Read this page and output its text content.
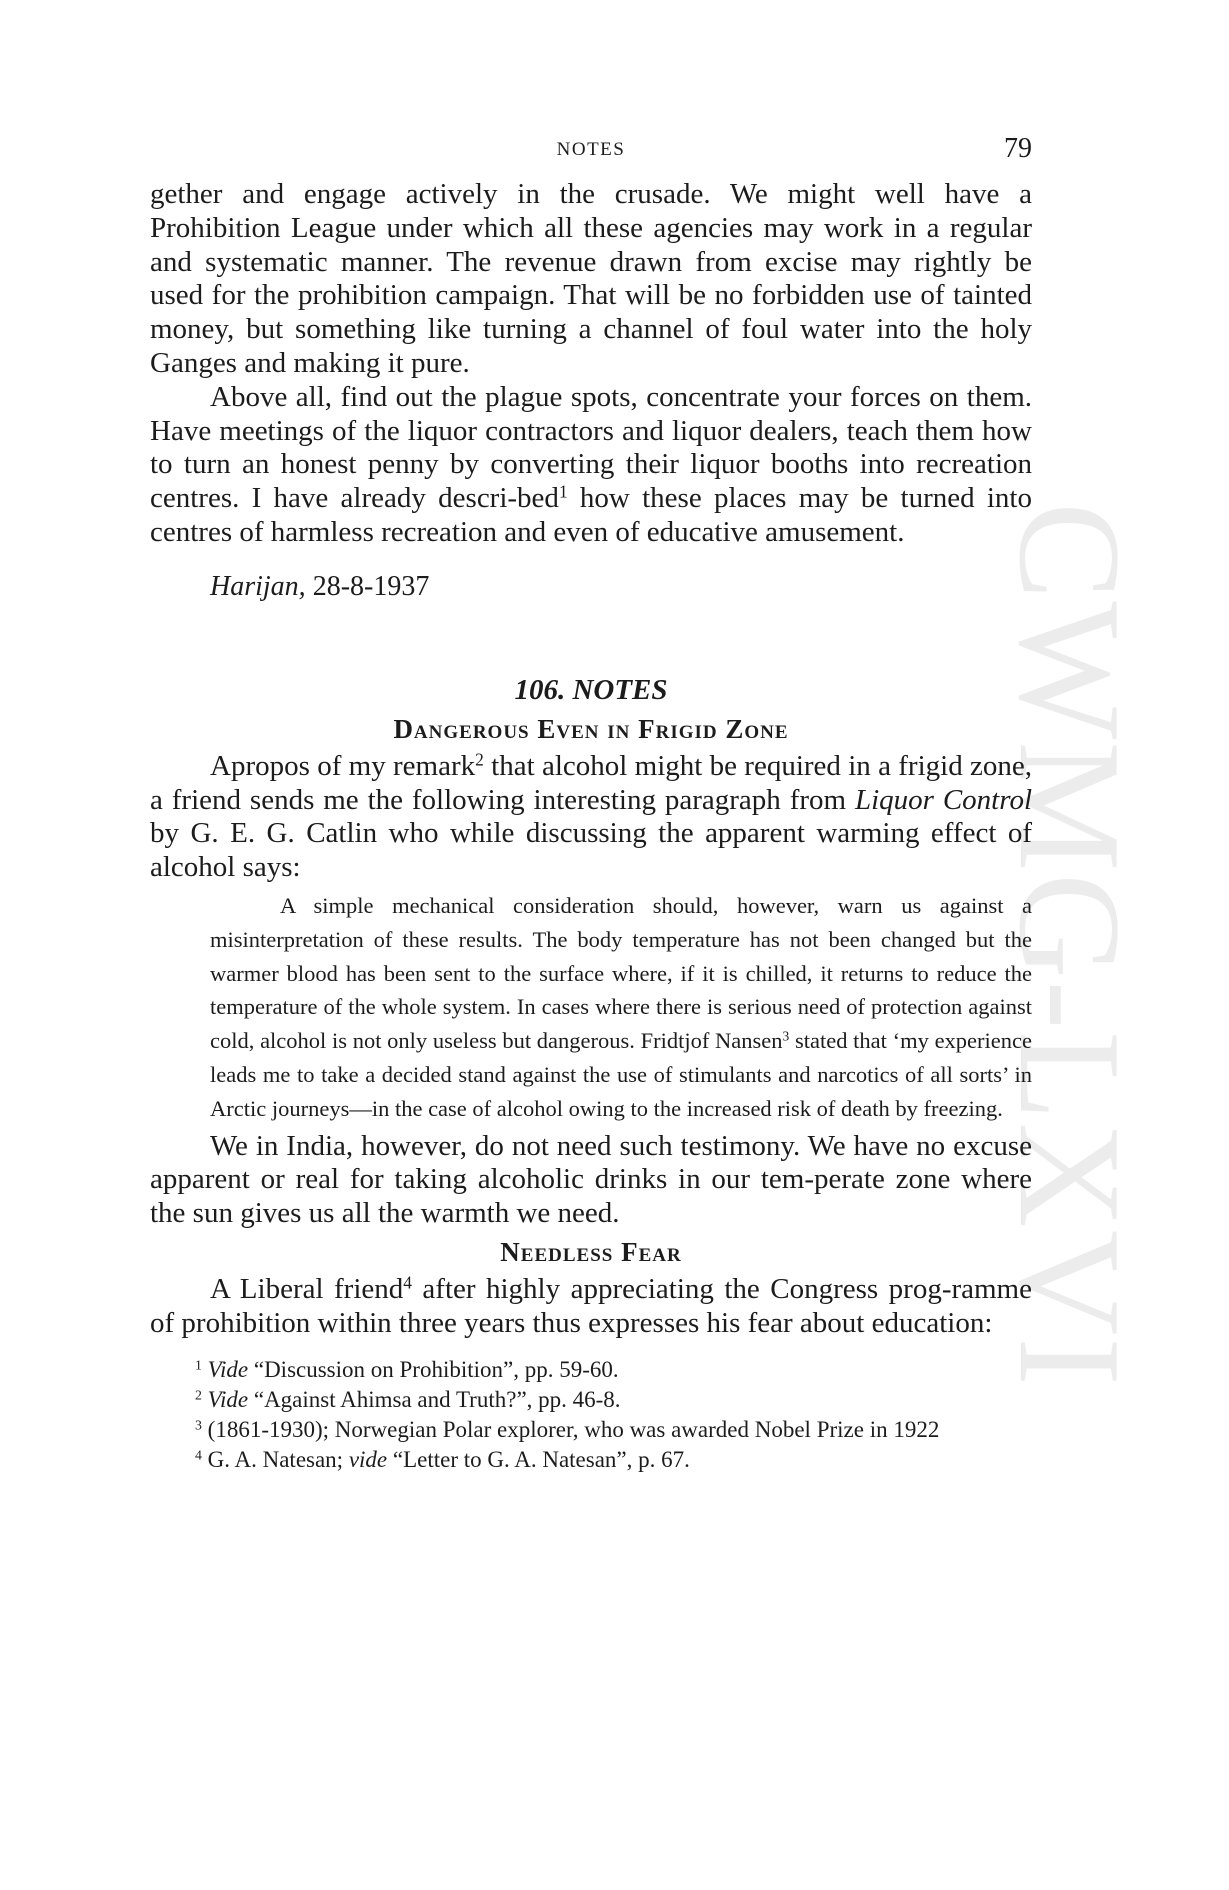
CWMG-LXVI
NOTES	79

gether and engage actively in the crusade. We might well have a Prohibition League under which all these agencies may work in a regular and systematic manner. The revenue drawn from excise may rightly be used for the prohibition campaign. That will be no forbidden use of tainted money, but something like turning a channel of foul water into the holy Ganges and making it pure.

Above all, find out the plague spots, concentrate your forces on them. Have meetings of the liquor contractors and liquor dealers, teach them how to turn an honest penny by converting their liquor booths into recreation centres. I have already descri-bed$^1$ how these places may be turned into centres of harmless recreation and even of educative amusement.

Harijan, 28-8-1937

106. NOTES
Dangerous Even in Frigid Zone

Apropos of my remark$^2$ that alcohol might be required in a frigid zone, a friend sends me the following interesting paragraph from Liquor Control by G. E. G. Catlin who while discussing the apparent warming effect of alcohol says:

A simple mechanical consideration should, however, warn us against a misinterpretation of these results. The body temperature has not been changed but the warmer blood has been sent to the surface where, if it is chilled, it returns to reduce the temperature of the whole system. In cases where there is serious need of protection against cold, alcohol is not only useless but dangerous. Fridtjof Nansen$^3$ stated that ‘my experience leads me to take a decided stand against the use of stimulants and narcotics of all sorts’ in Arctic journeys—in the case of alcohol owing to the increased risk of death by freezing.

We in India, however, do not need such testimony. We have no excuse apparent or real for taking alcoholic drinks in our tem-perate zone where the sun gives us all the warmth we need.

Needless Fear

A Liberal friend$^4$ after highly appreciating the Congress prog-ramme of prohibition within three years thus expresses his fear about education:

$^1$ Vide “Discussion on Prohibition”, pp. 59-60.

$^2$ Vide “Against Ahimsa and Truth?”, pp. 46-8.

$^3$ (1861-1930); Norwegian Polar explorer, who was awarded Nobel Prize in 1922

$^4$ G. A. Natesan; vide “Letter to G. A. Natesan”, p. 67.
